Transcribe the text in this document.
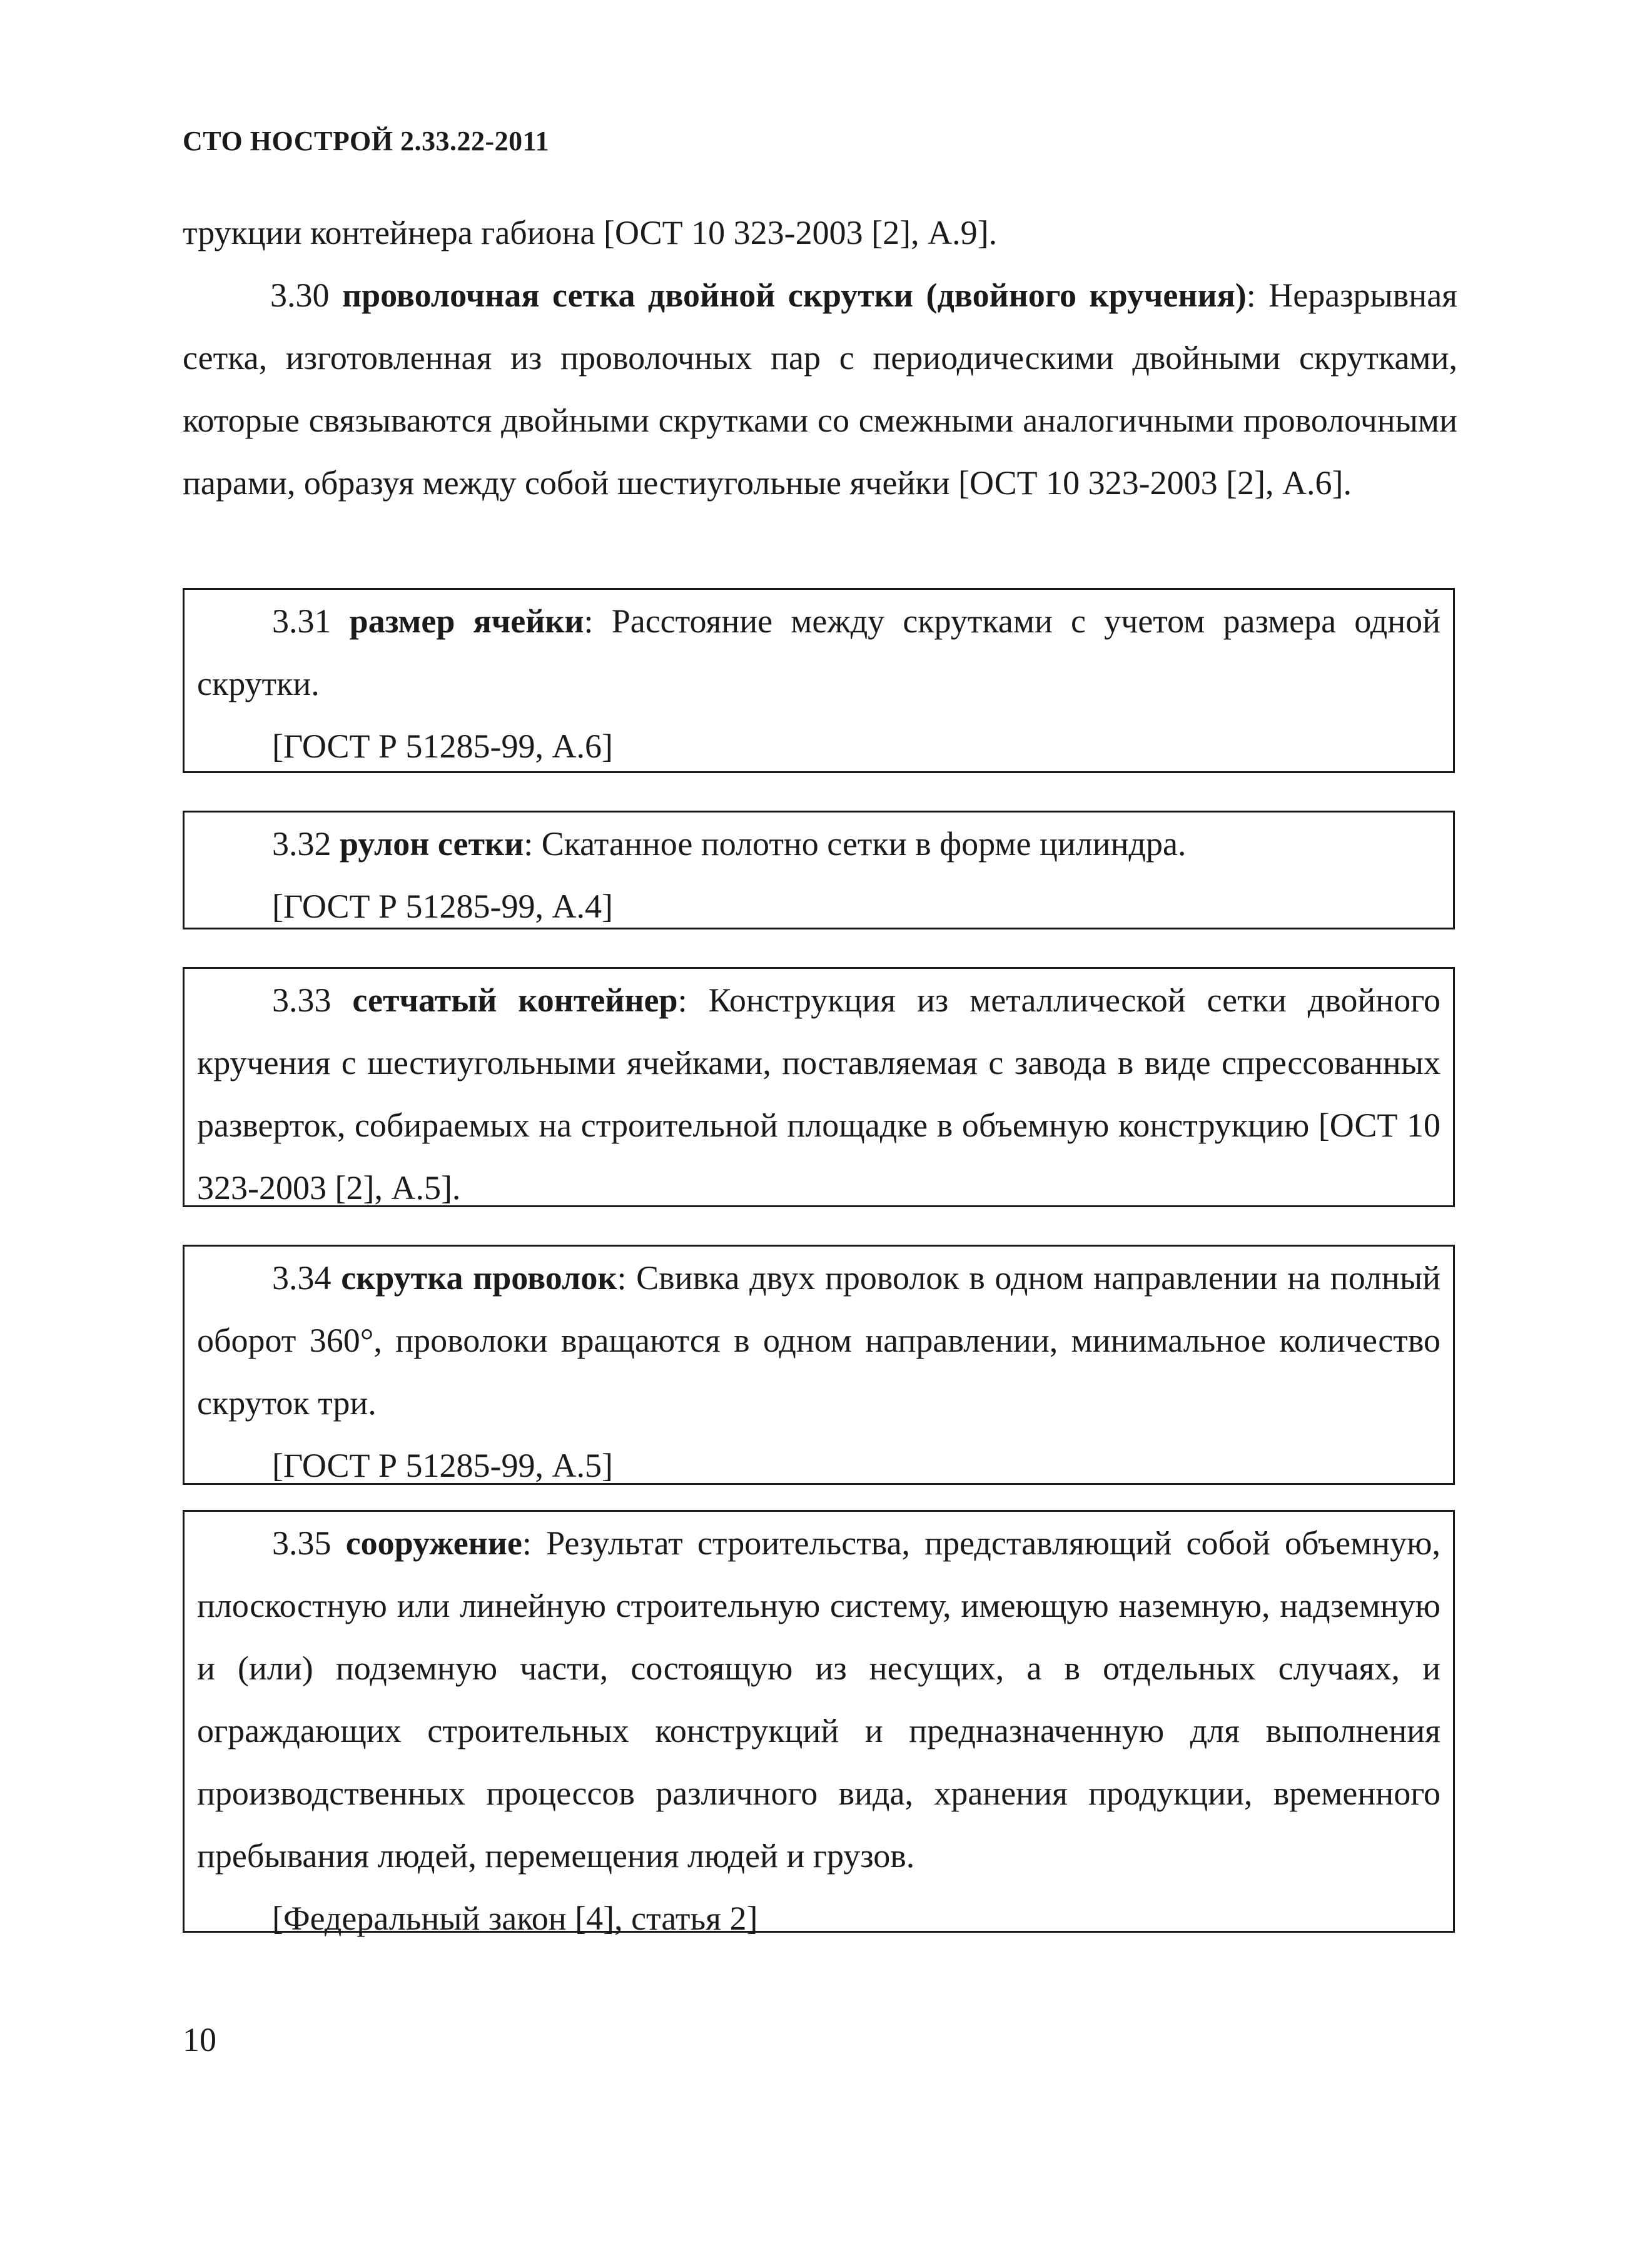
СТО НОСТРОЙ 2.33.22-2011
трукции контейнера габиона [ОСТ 10 323-2003 [2], А.9].

3.30 проволочная сетка двойной скрутки (двойного кручения): Неразрывная сетка, изготовленная из проволочных пар с периодическими двойными скрутками, которые связываются двойными скрутками со смежными аналогичными проволочными парами, образуя между собой шестиугольные ячейки [ОСТ 10 323-2003 [2], А.6].

3.31 размер ячейки: Расстояние между скрутками с учетом размера одной скрутки.

[ГОСТ Р 51285-99, А.6]

3.32 рулон сетки: Скатанное полотно сетки в форме цилиндра.

[ГОСТ Р 51285-99, А.4]

3.33 сетчатый контейнер: Конструкция из металлической сетки двойного кручения с шестиугольными ячейками, поставляемая с завода в виде спрессованных разверток, собираемых на строительной площадке в объемную конструкцию [ОСТ 10 323-2003 [2], А.5].

3.34 скрутка проволок: Свивка двух проволок в одном направлении на полный оборот 360°, проволоки вращаются в одном направлении, минимальное количество скруток три.

[ГОСТ Р 51285-99, А.5]

3.35 сооружение: Результат строительства, представляющий собой объемную, плоскостную или линейную строительную систему, имеющую наземную, надземную и (или) подземную части, состоящую из несущих, а в отдельных случаях, и ограждающих строительных конструкций и предназначенную для выполнения производственных процессов различного вида, хранения продукции, временного пребывания людей, перемещения людей и грузов.

[Федеральный закон [4], статья 2]

10
